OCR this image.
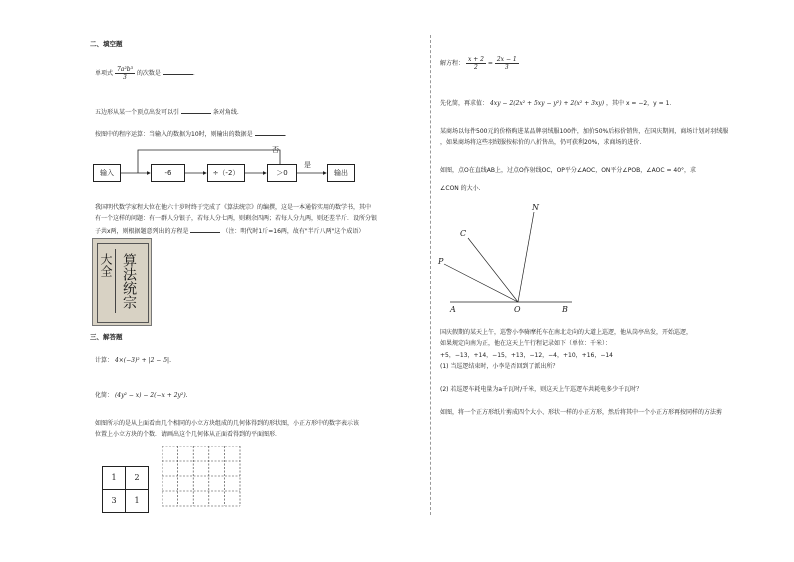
二、填空题
单项式 $\frac{\text{7a²b³}}{3}$ 的次数是	.
五边形从某一个顶点出发可以引	条对角线.
按图中的程序运算：当输入的数据为10时，则输出的数据是	.
输入	-6	÷（-2）	＞0	输出
否
是
我国明代数学家程大位在他六十岁时终于完成了《算法统宗》的编撰，这是一本通俗实用的数学书，其中
有一个这样的问题：有一群人分银子，若每人分七两，则剩余四两；若每人分九两，则还差半斤．设所分银
子共x两，则根据题意列出的方程是	（注：明代时1斤=16两，故有"半斤八两"这个成语）
大全 算法统宗
三、解答题
计算： 4×(−3)² + |2 − 5|.
化简： (4y² − x) − 2(−x + 2y²).
如图所示的是从上面看由几个相同的小立方块组成的几何体得到的形状图，小正方形中的数字表示该
位置上小立方块的个数．请画出这个几何体从正面看得到的平面图形．
1	2
3	1
解方程： $\frac{x + 2}{2} = \frac{2x - 1}{3}$
先化简，再求值： 4xy − 2(2x² + 5xy − y²) + 2(x² + 3xy) ，其中 x = −2，y = 1．
某商场以每件500元的价格购进某品牌羽绒服100件，加价50%后标价销售，在国庆期间，商场计划对羽绒服
，如果商场将这些羽绒服按标价的八折售出，仍可获利20%，求商场的进价.
如图，点O在直线AB上，过点O作射线OC，OP平分∠AOC，ON平分∠POB，∠AOC = 40°，求
∠CON 的大小.
N
C
P
A	O	B
国庆假期的某天上午，巡警小李骑摩托车在南北走向的大道上巡逻，他从岗亭出发，开始巡逻，
如果规定向南为正，他在这天上午行程记录如下（单位：千米）：
+5，−13，+14，−15，+13，−12，−4，+10，+16，−14
(1) 当巡逻结束时，小李是否回到了派出所？
(2) 若巡逻车耗电量为a千瓦时/千米，则这天上午巡逻车共耗电多少千瓦时？
如图，将一个正方形纸片剪成四个大小、形状一样的小正方形，然后将其中一个小正方形再按同样的方法剪
